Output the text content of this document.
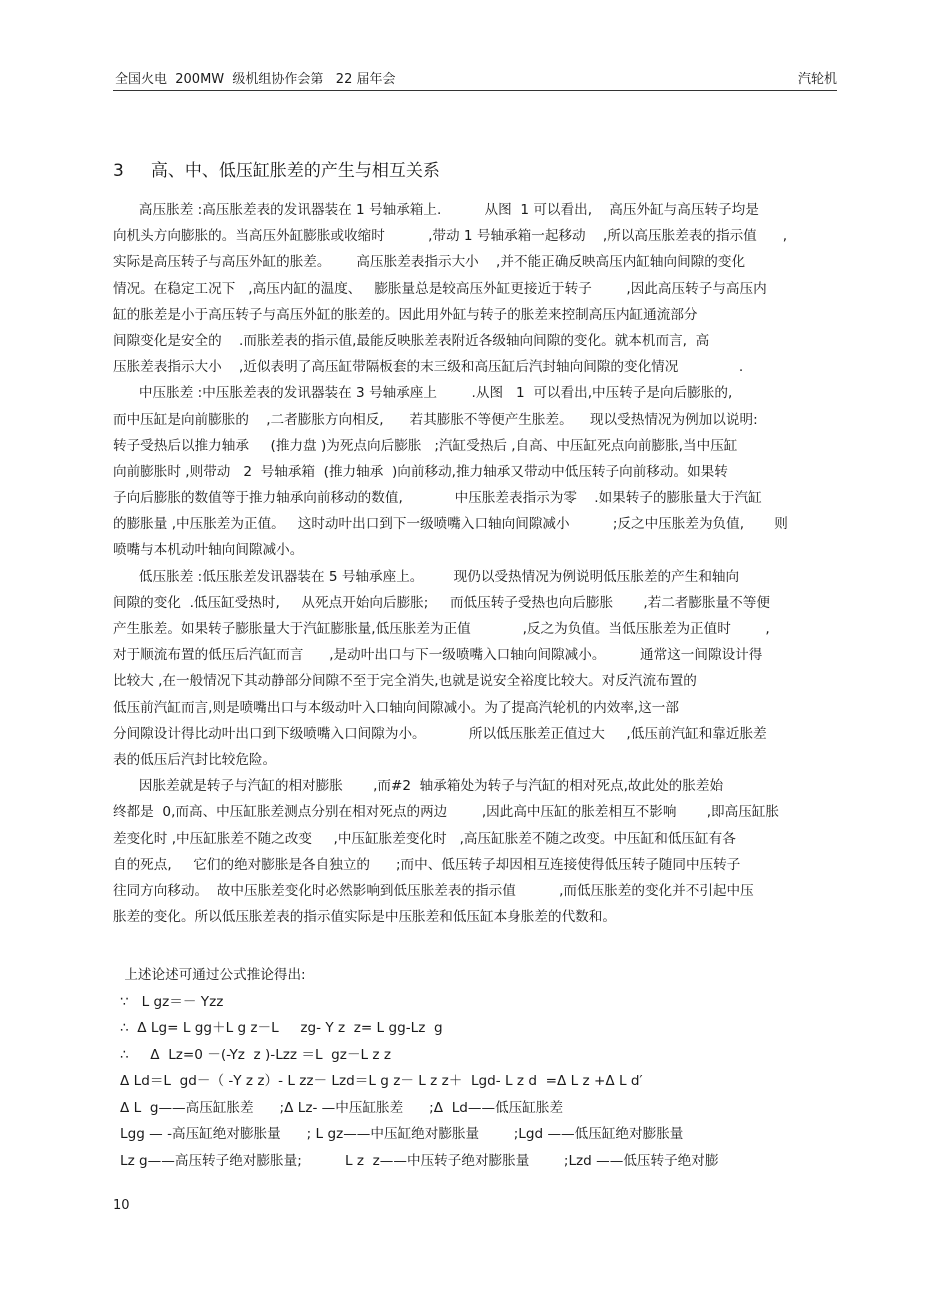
全国火电  200MW  级机组协作会第   22 届年会	汽轮机
3 高、中、低压缸胀差的产生与相互关系
高压胀差 :高压胀差表的发讯器装在 1 号轴承箱上.          从图  1 可以看出,    高压外缸与高压转子均是
向机头方向膨胀的。当高压外缸膨胀或收缩时          ,带动 1 号轴承箱一起移动    ,所以高压胀差表的指示值      ,
实际是高压转子与高压外缸的胀差。      高压胀差表指示大小    ,并不能正确反映高压内缸轴向间隙的变化
情况。在稳定工况下   ,高压内缸的温度、   膨胀量总是较高压外缸更接近于转子        ,因此高压转子与高压内
缸的胀差是小于高压转子与高压外缸的胀差的。因此用外缸与转子的胀差来控制高压内缸通流部分
间隙变化是安全的    .而胀差表的指示值,最能反映胀差表附近各级轴向间隙的变化。就本机而言,  高
压胀差表指示大小    ,近似表明了高压缸带隔板套的末三级和高压缸后汽封轴向间隙的变化情况              .
中压胀差 :中压胀差表的发讯器装在 3 号轴承座上        .从图   1  可以看出,中压转子是向后膨胀的,
而中压缸是向前膨胀的    ,二者膨胀方向相反,      若其膨胀不等便产生胀差。    现以受热情况为例加以说明:
转子受热后以推力轴承     (推力盘 )为死点向后膨胀   ;汽缸受热后 ,自高、中压缸死点向前膨胀,当中压缸
向前膨胀时 ,则带动   2  号轴承箱  (推力轴承  )向前移动,推力轴承又带动中低压转子向前移动。如果转
子向后膨胀的数值等于推力轴承向前移动的数值,            中压胀差表指示为零    .如果转子的膨胀量大于汽缸
的膨胀量 ,中压胀差为正值。   这时动叶出口到下一级喷嘴入口轴向间隙减小          ;反之中压胀差为负值,       则
喷嘴与本机动叶轴向间隙减小。
低压胀差 :低压胀差发讯器装在 5 号轴承座上。       现仍以受热情况为例说明低压胀差的产生和轴向
间隙的变化  .低压缸受热时,     从死点开始向后膨胀;     而低压转子受热也向后膨胀       ,若二者膨胀量不等便
产生胀差。如果转子膨胀量大于汽缸膨胀量,低压胀差为正值            ,反之为负值。当低压胀差为正值时        ,
对于顺流布置的低压后汽缸而言      ,是动叶出口与下一级喷嘴入口轴向间隙减小。        通常这一间隙设计得
比较大 ,在一般情况下其动静部分间隙不至于完全消失,也就是说安全裕度比较大。对反汽流布置的
低压前汽缸而言,则是喷嘴出口与本级动叶入口轴向间隙减小。为了提高汽轮机的内效率,这一部
分间隙设计得比动叶出口到下级喷嘴入口间隙为小。          所以低压胀差正值过大     ,低压前汽缸和靠近胀差
表的低压后汽封比较危险。
因胀差就是转子与汽缸的相对膨胀       ,而#2  轴承箱处为转子与汽缸的相对死点,故此处的胀差始
终都是  0,而高、中压缸胀差测点分别在相对死点的两边        ,因此高中压缸的胀差相互不影响       ,即高压缸胀
差变化时 ,中压缸胀差不随之改变     ,中压缸胀差变化时   ,高压缸胀差不随之改变。中压缸和低压缸有各
自的死点,     它们的绝对膨胀是各自独立的      ;而中、低压转子却因相互连接使得低压转子随同中压转子
往同方向移动。  故中压胀差变化时必然影响到低压胀差表的指示值          ,而低压胀差的变化并不引起中压
胀差的变化。所以低压胀差表的指示值实际是中压胀差和低压缸本身胀差的代数和。
上述论述可通过公式推论得出:
∵   L gz＝－ Yzz
∴  Δ Lg= L gg＋L g z－L     zg- Y z  z= L gg-Lz  g
∴     Δ  Lz=0 －(-Yz  z )-Lzz ＝L  gz－L z z
Δ Ld＝L  gd－（ -Y z z）- L zz－ Lzd＝L g z－ L z z＋  Lgd- L z d  =Δ L z +Δ L d′
Δ L  g——高压缸胀差      ;Δ Lz- —中压缸胀差      ;Δ  Ld——低压缸胀差
Lgg — -高压缸绝对膨胀量      ; L gz——中压缸绝对膨胀量        ;Lgd ——低压缸绝对膨胀量
Lz g——高压转子绝对膨胀量;          L z  z——中压转子绝对膨胀量        ;Lzd ——低压转子绝对膨
10
